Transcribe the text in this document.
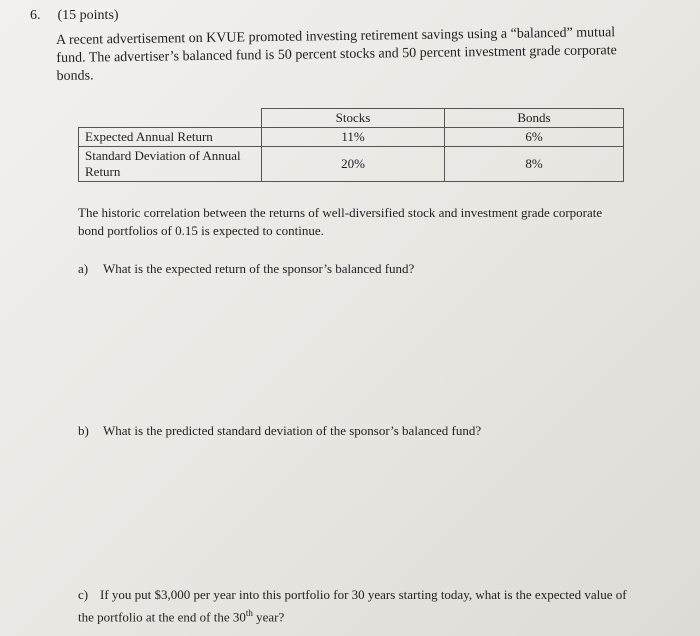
6. (15 points)
A recent advertisement on KVUE promoted investing retirement savings using a “balanced” mutual fund. The advertiser’s balanced fund is 50 percent stocks and 50 percent investment grade corporate bonds.
	Stocks	Bonds
Expected Annual Return	11%	6%
Standard Deviation of Annual Return	20%	8%
The historic correlation between the returns of well-diversified stock and investment grade corporate bond portfolios of 0.15 is expected to continue.
a) What is the expected return of the sponsor’s balanced fund?
b) What is the predicted standard deviation of the sponsor’s balanced fund?
c) If you put $3,000 per year into this portfolio for 30 years starting today, what is the expected value of the portfolio at the end of the 30th year?
